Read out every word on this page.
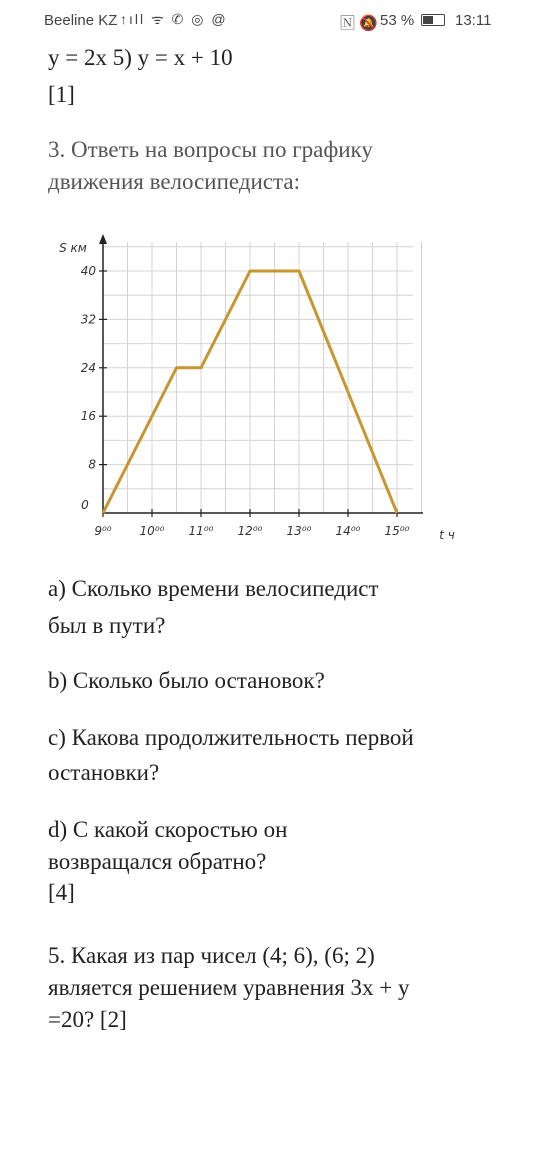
Beeline KZ ↑ıll ᯤ ✆ ◎ @	🄽 🔕 53 %	13:11
y = 2x 5) y = x + 10
[1]
3. Ответь на вопросы по графику
движения велосипедиста:
8
16
24
32
40
0
9⁰⁰ 10⁰⁰ 11⁰⁰ 12⁰⁰ 13⁰⁰ 14⁰⁰ 15⁰⁰
S км
t ч
a) Сколько времени велосипедист
был в пути?
b) Сколько было остановок?
c) Какова продолжительность первой
остановки?
d) С какой скоростью он
возвращался обратно?
[4]
5. Какая из пар чисел (4; 6), (6; 2)
является решением уравнения 3x + y
=20? [2]
